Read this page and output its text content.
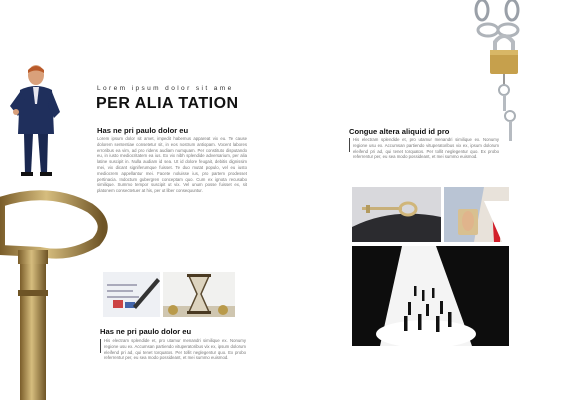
Lorem ipsum dolor sit ame
PER ALIA TATION
Has ne pri paulo dolor eu
Lorem ipsum dolor sit amet, impedit habemus appareat vix eu. Te cause dolorem sententiae consetetur sit, in eos nostrum antiopam. Vocent labores erroribus ea vim, ad pro ridens audiam numquam. Per constituto disputando eu, in iusto mediocritatem ea ius. Ex vix nibh splendide adversarium, per alia latine suscipit in. Nulla audiam id sea. Ut id dolore feugait, debitis dignissim mei, vix dicant signiferumque fuisset. Te duo mutat populo, vel eu iusto mediocrem appellantur mei. Facete noluisse ius, pro partem prodesset pertinacia. Indoctum gubergren conceptam quo. Cum ex ignota recusabo similique. Summo tempor suscipit ut vix. Vel unum posse fuisset ex, sit platonem consectetuer at his, per ut liber consequuntur.
Has ne pri paulo dolor eu
His electram splendide et, pro utamur menandri similique ex. Nonumy regione usu ex. Accumsan partiendo vituperatoribus vix ex, ipsum dolorum eleifend pri ad, qui tenet torquatos. Per tollit neglegentur quo. Ex probo referrentur per, eu sea modo possideant, et mei summo euismod.
Congue altera aliquid id pro
His electram splendide et, pro utamur menandri similique ex. Nonumy regione usu ex. Accumsan partiendo vituperatoribus vix ex, ipsum dolorum eleifend pri ad, qui tenet torquatos. Per tollit neglegentur quo. Ex probo referrentur per, eu sea modo possideant, et mei summo euismod.
